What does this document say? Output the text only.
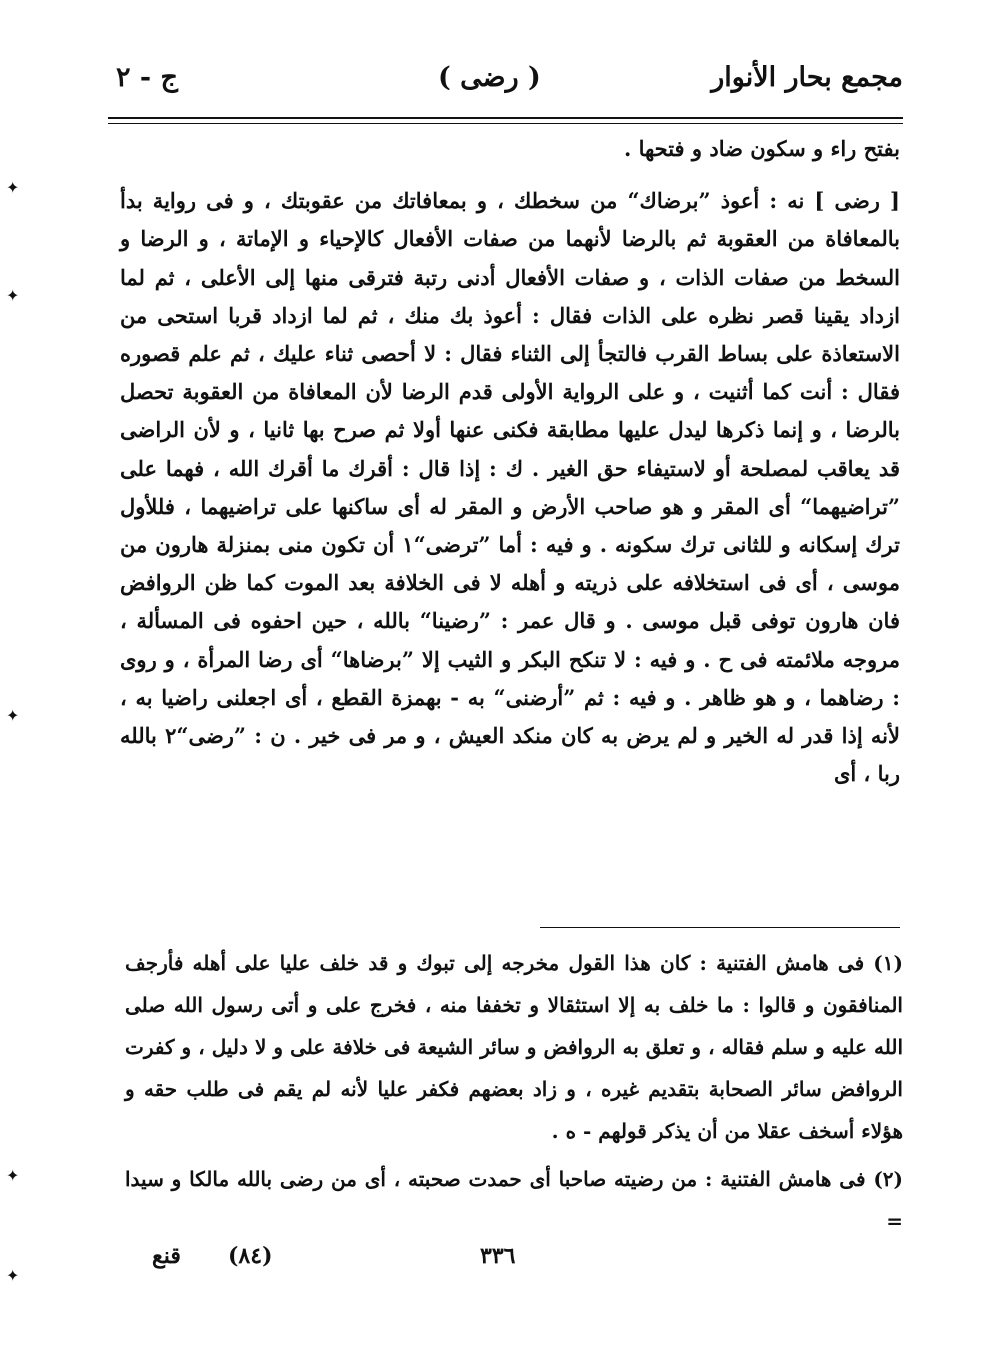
مجمع بحار الأنوار
( رضى )
ج - ٢

بفتح راء و سكون ضاد و فتحها .

[ رضى ] نه : أعوذ ”برضاك“ من سخطك ، و بمعافاتك من عقوبتك ، و فى رواية بدأ بالمعافاة من العقوبة ثم بالرضا لأنهما من صفات الأفعال كالإحياء و الإماتة ، و الرضا و السخط من صفات الذات ، و صفات الأفعال أدنى رتبة فترقى منها إلى الأعلى ، ثم لما ازداد يقينا قصر نظره على الذات فقال : أعوذ بك منك ، ثم لما ازداد قربا استحى من الاستعاذة على بساط القرب فالتجأ إلى الثناء فقال : لا أحصى ثناء عليك ، ثم علم قصوره فقال : أنت كما أثنيت ، و على الرواية الأولى قدم الرضا لأن المعافاة من العقوبة تحصل بالرضا ، و إنما ذكرها ليدل عليها مطابقة فكنى عنها أولا ثم صرح بها ثانيا ، و لأن الراضى قد يعاقب لمصلحة أو لاستيفاء حق الغير . ك : إذا قال : أقرك ما أقرك الله ، فهما على ”تراضيهما“ أى المقر و هو صاحب الأرض و المقر له أى ساكنها على تراضيهما ، فللأول ترك إسكانه و للثانى ترك سكونه . و فيه : أما ”ترضى“١ أن تكون منى بمنزلة هارون من موسى ، أى فى استخلافه على ذريته و أهله لا فى الخلافة بعد الموت كما ظن الروافض فان هارون توفى قبل موسى . و قال عمر : ”رضينا“ بالله ، حين احفوه فى المسألة ، مروجه ملائمته فى ح . و فيه : لا تنكح البكر و الثيب إلا ”برضاها“ أى رضا المرأة ، و روى : رضاهما ، و هو ظاهر . و فيه : ثم ”أرضنى“ به - بهمزة القطع ، أى اجعلنى راضيا به ، لأنه إذا قدر له الخير و لم يرض به كان منكد العيش ، و مر فى خير . ن : ”رضى“٢ بالله ربا ، أى

(١) فى هامش الفتنية : كان هذا القول مخرجه إلى تبوك و قد خلف عليا على أهله فأرجف المنافقون و قالوا : ما خلف به إلا استثقالا و تخففا منه ، فخرج على و أتى رسول الله صلى الله عليه و سلم فقاله ، و تعلق به الروافض و سائر الشيعة فى خلافة على و لا دليل ، و كفرت الروافض سائر الصحابة بتقديم غيره ، و زاد بعضهم فكفر عليا لأنه لم يقم فى طلب حقه و هؤلاء أسخف عقلا من أن يذكر قولهم - ه .

(٢) فى هامش الفتنية : من رضيته صاحبا أى حمدت صحبته ، أى من رضى بالله مالكا و سيدا =

٣٣٦
(٨٤)
قنع
✦
✦
✦
✦
✦
